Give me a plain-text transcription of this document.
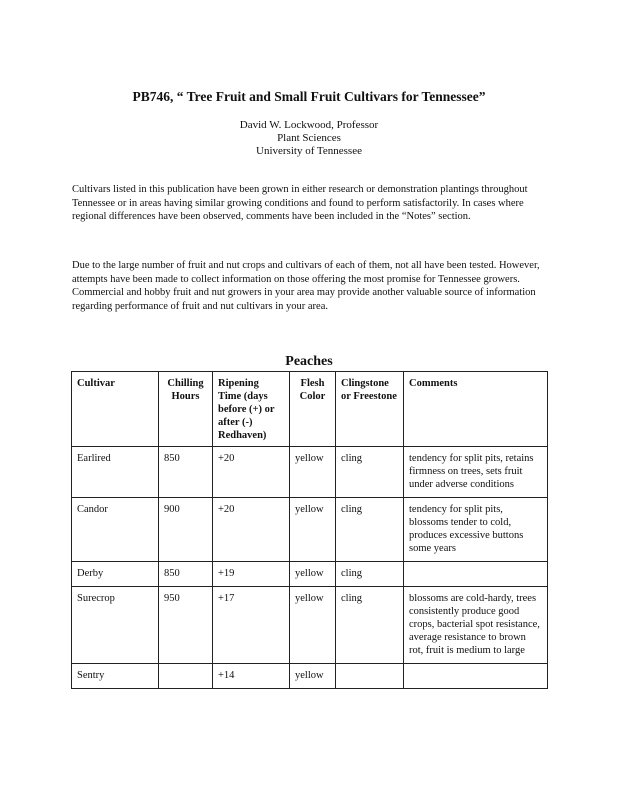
PB746, “ Tree Fruit and Small Fruit Cultivars for Tennessee”
David W. Lockwood, Professor
Plant Sciences
University of Tennessee

Cultivars listed in this publication have been grown in either research or demonstration plantings throughout Tennessee or in areas having similar growing conditions and found to perform satisfactorily. In cases where regional differences have been observed, comments have been included in the “Notes” section.

Due to the large number of fruit and nut crops and cultivars of each of them, not all have been tested. However, attempts have been made to collect information on those offering the most promise for Tennessee growers. Commercial and hobby fruit and nut growers in your area may provide another valuable source of information regarding performance of fruit and nut cultivars in your area.

Peaches
Cultivar	Chilling Hours	Ripening Time (days before (+) or after (-) Redhaven)	Flesh Color	Clingstone or Freestone	Comments
Earlired	850	+20	yellow	cling	tendency for split pits, retains firmness on trees, sets fruit under adverse conditions
Candor	900	+20	yellow	cling	tendency for split pits, blossoms tender to cold, produces excessive buttons some years
Derby	850	+19	yellow	cling	
Surecrop	950	+17	yellow	cling	blossoms are cold-hardy, trees consistently produce good crops, bacterial spot resistance, average resistance to brown rot, fruit is medium to large
Sentry		+14	yellow		
